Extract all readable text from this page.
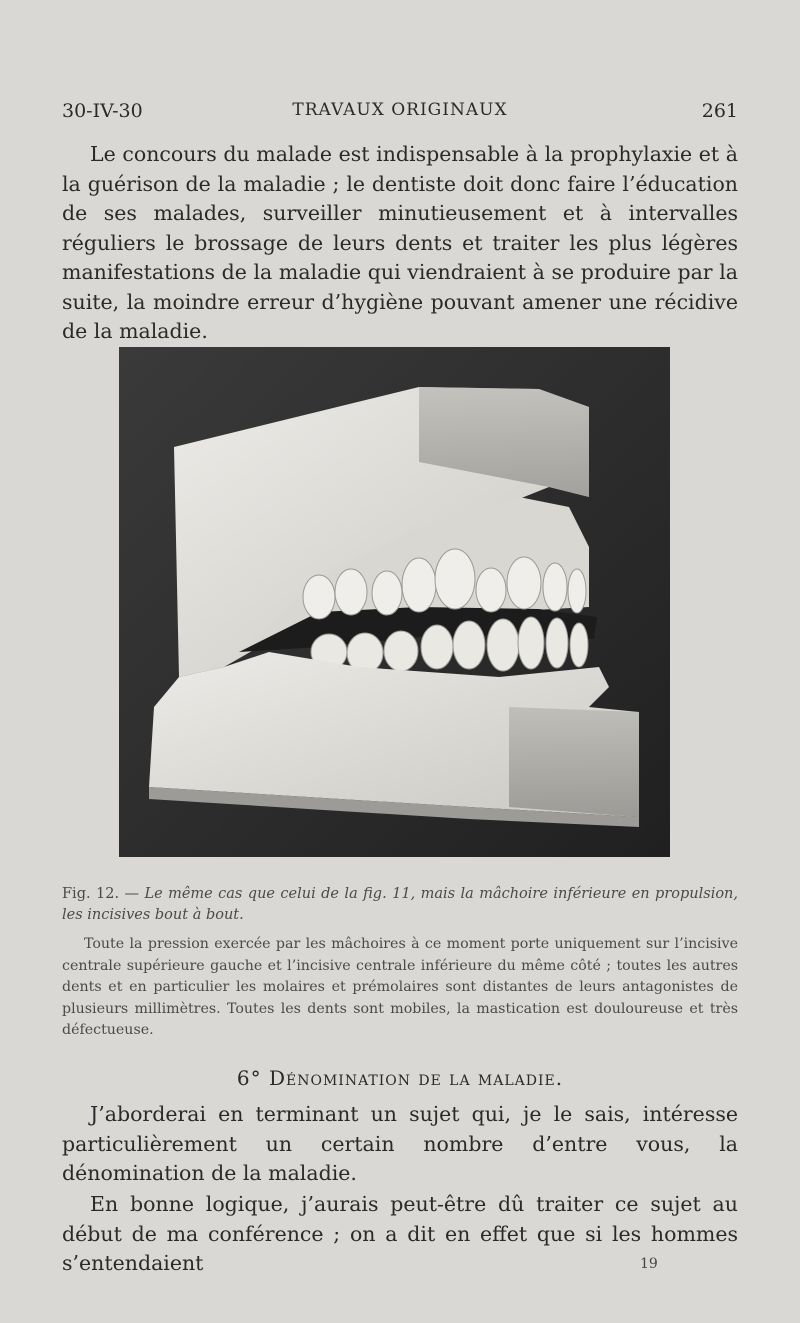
30-IV-30	TRAVAUX ORIGINAUX	261

Le concours du malade est indispensable à la prophylaxie et à la guérison de la maladie ; le dentiste doit donc faire l’éducation de ses malades, surveiller minutieusement et à intervalles réguliers le brossage de leurs dents et traiter les plus légères manifestations de la maladie qui viendraient à se produire par la suite, la moindre erreur d’hygiène pouvant amener une récidive de la maladie.

Fig. 12. — Le même cas que celui de la fig. 11, mais la mâchoire inférieure en propulsion, les incisives bout à bout.

Toute la pression exercée par les mâchoires à ce moment porte uniquement sur l’incisive centrale supérieure gauche et l’incisive centrale inférieure du même côté ; toutes les autres dents et en particulier les molaires et prémolaires sont distantes de leurs antagonistes de plusieurs millimètres. Toutes les dents sont mobiles, la mastication est douloureuse et très défectueuse.

6° Dénomination de la maladie.

J’aborderai en terminant un sujet qui, je le sais, intéresse particulièrement un certain nombre d’entre vous, la dénomination de la maladie.

En bonne logique, j’aurais peut-être dû traiter ce sujet au début de ma conférence ; on a dit en effet que si les hommes s’entendaient	19
